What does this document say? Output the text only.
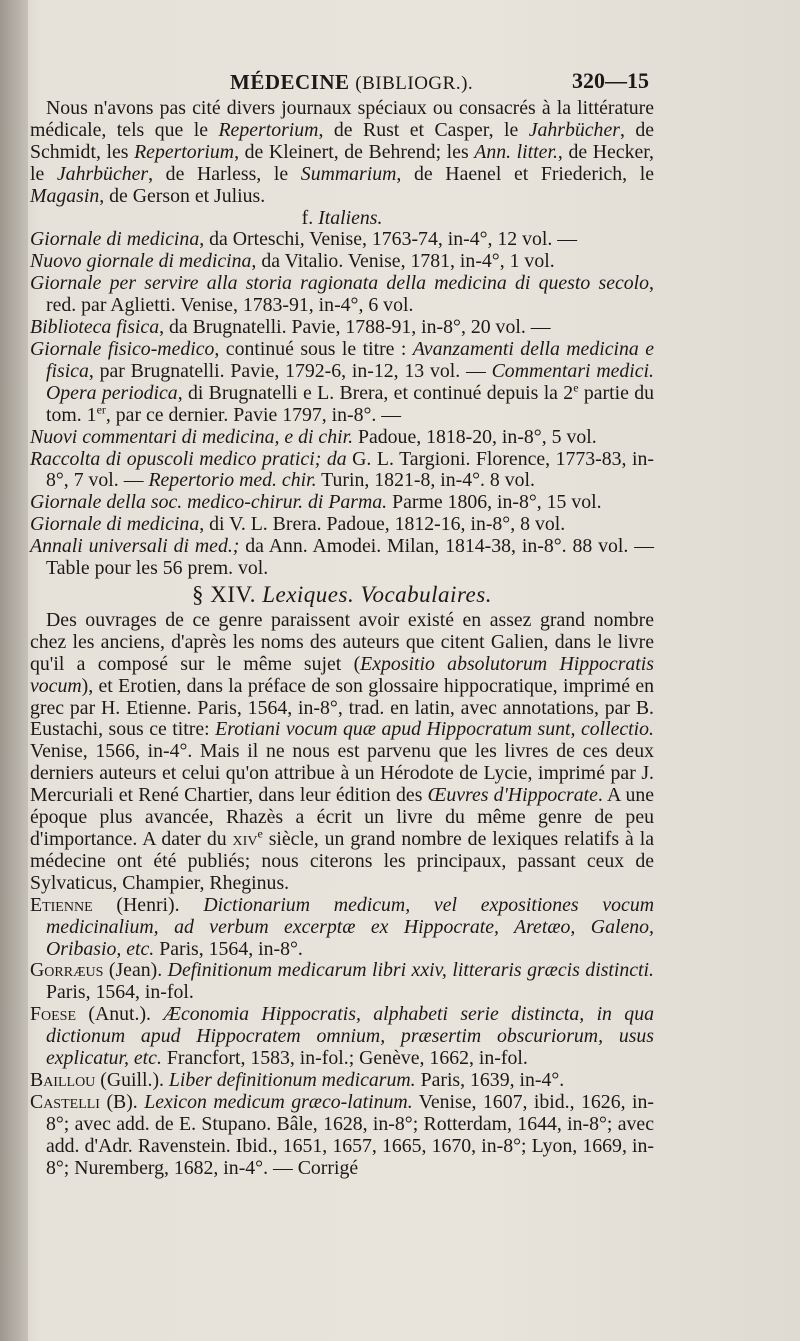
MÉDECINE (BIBLIOGR.).	320—15

Nous n'avons pas cité divers journaux spéciaux ou consacrés à la littérature médicale, tels que le Repertorium, de Rust et Casper, le Jahrbücher, de Schmidt, les Repertorium, de Kleinert, de Behrend; les Ann. litter., de Hecker, le Jahrbücher, de Harless, le Summarium, de Haenel et Friederich, le Magasin, de Gerson et Julius.

f. Italiens.

Giornale di medicina, da Orteschi, Venise, 1763-74, in-4°, 12 vol. —

Nuovo giornale di medicina, da Vitalio. Venise, 1781, in-4°, 1 vol.

Giornale per servire alla storia ragionata della medicina di questo secolo, red. par Aglietti. Venise, 1783-91, in-4°, 6 vol.

Biblioteca fisica, da Brugnatelli. Pavie, 1788-91, in-8°, 20 vol. —

Giornale fisico-medico, continué sous le titre : Avanzamenti della medicina e fisica, par Brugnatelli. Pavie, 1792-6, in-12, 13 vol. — Commentari medici. Opera periodica, di Brugnatelli e L. Brera, et continué depuis la 2e partie du tom. 1er, par ce dernier. Pavie 1797, in-8°. —

Nuovi commentari di medicina, e di chir. Padoue, 1818-20, in-8°, 5 vol.

Raccolta di opuscoli medico pratici; da G. L. Targioni. Florence, 1773-83, in-8°, 7 vol. — Repertorio med. chir. Turin, 1821-8, in-4°. 8 vol.

Giornale della soc. medico-chirur. di Parma. Parme 1806, in-8°, 15 vol.

Giornale di medicina, di V. L. Brera. Padoue, 1812-16, in-8°, 8 vol.

Annali universali di med.; da Ann. Amodei. Milan, 1814-38, in-8°. 88 vol. — Table pour les 56 prem. vol.

§ XIV. Lexiques. Vocabulaires.

Des ouvrages de ce genre paraissent avoir existé en assez grand nombre chez les anciens, d'après les noms des auteurs que citent Galien, dans le livre qu'il a composé sur le même sujet (Expositio absolutorum Hippocratis vocum), et Erotien, dans la préface de son glossaire hippocratique, imprimé en grec par H. Etienne. Paris, 1564, in-8°, trad. en latin, avec annotations, par B. Eustachi, sous ce titre: Erotiani vocum quæ apud Hippocratum sunt, collectio. Venise, 1566, in-4°. Mais il ne nous est parvenu que les livres de ces deux derniers auteurs et celui qu'on attribue à un Hérodote de Lycie, imprimé par J. Mercuriali et René Chartier, dans leur édition des Œuvres d'Hippocrate. A une époque plus avancée, Rhazès a écrit un livre du même genre de peu d'importance. A dater du xiv$^e$ siècle, un grand nombre de lexiques relatifs à la médecine ont été publiés; nous citerons les principaux, passant ceux de Sylvaticus, Champier, Rheginus.

Etienne (Henri). Dictionarium medicum, vel expositiones vocum medicinalium, ad verbum excerptæ ex Hippocrate, Aretæo, Galeno, Oribasio, etc. Paris, 1564, in-8°.

Gorræus (Jean). Definitionum medicarum libri xxiv, litteraris græcis distincti. Paris, 1564, in-fol.

Foese (Anut.). Æconomia Hippocratis, alphabeti serie distincta, in qua dictionum apud Hippocratem omnium, præsertim obscuriorum, usus explicatur, etc. Francfort, 1583, in-fol.; Genève, 1662, in-fol.

Baillou (Guill.). Liber definitionum medicarum. Paris, 1639, in-4°.

Castelli (B). Lexicon medicum græco-latinum. Venise, 1607, ibid., 1626, in-8°; avec add. de E. Stupano. Bâle, 1628, in-8°; Rotterdam, 1644, in-8°; avec add. d'Adr. Ravenstein. Ibid., 1651, 1657, 1665, 1670, in-8°; Lyon, 1669, in-8°; Nuremberg, 1682, in-4°. — Corrigé
